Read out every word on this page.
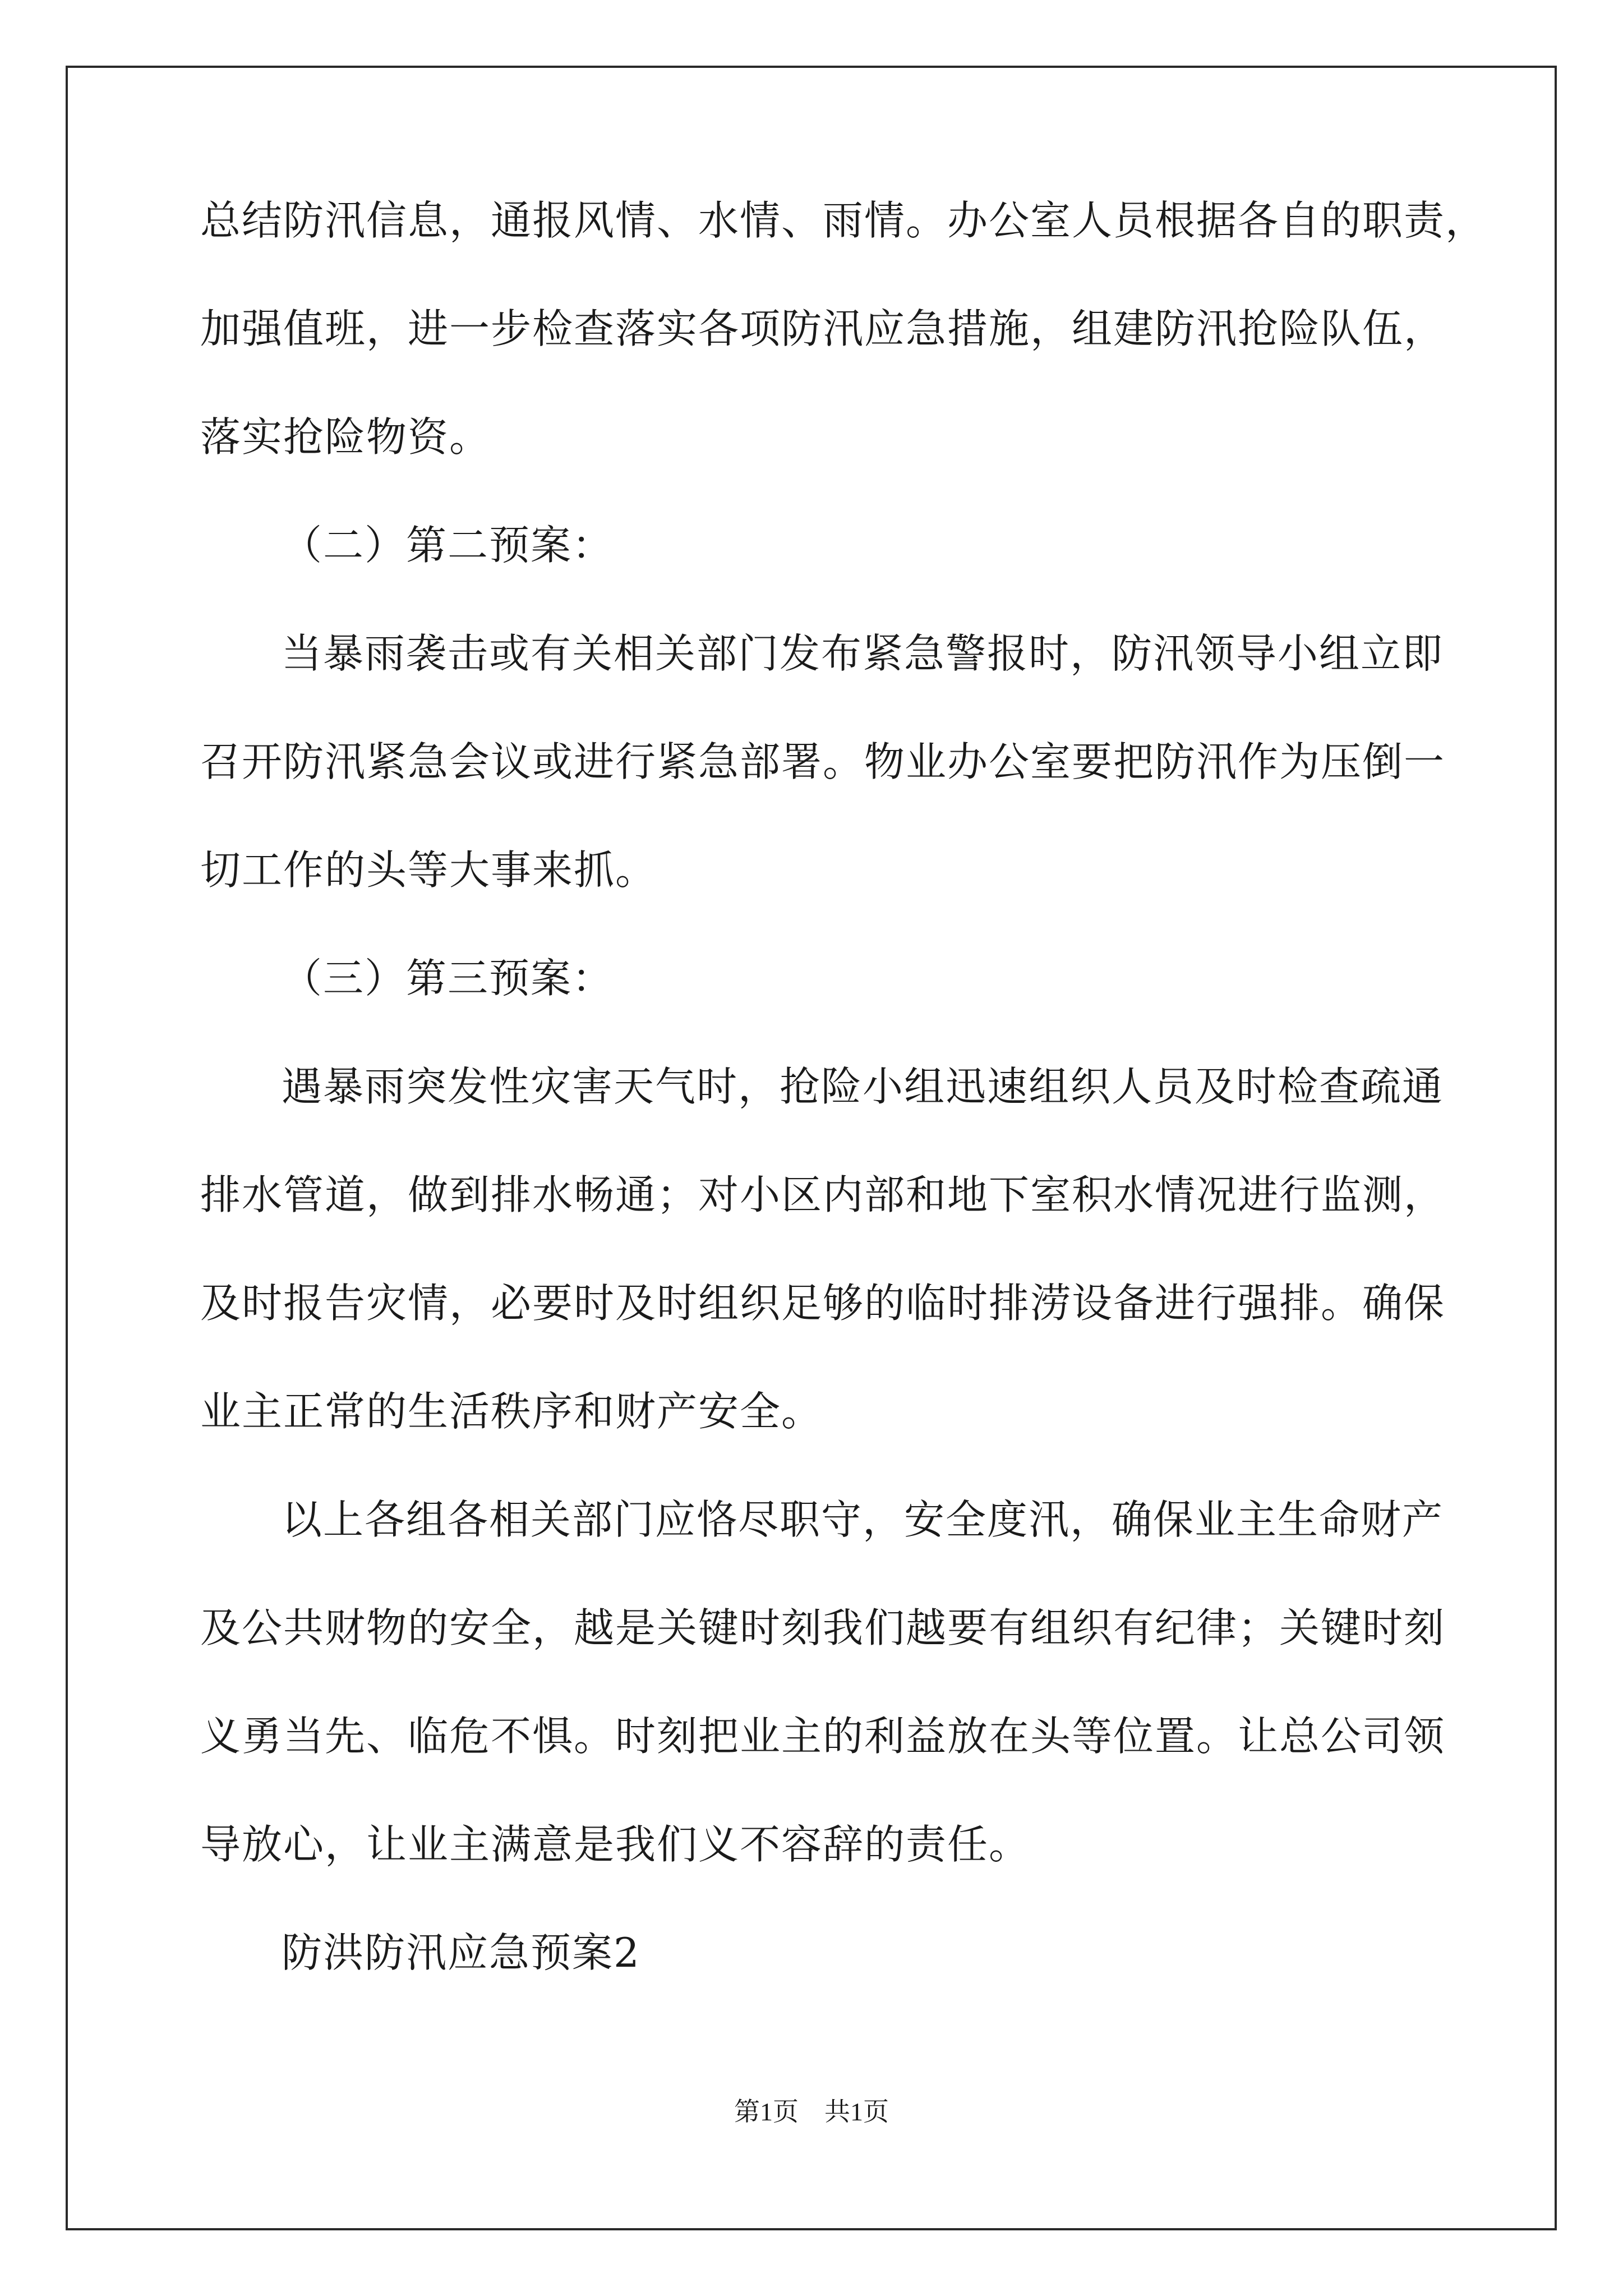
总结防汛信息，通报风情、水情、雨情。办公室人员根据各自的职责，

加强值班，进一步检查落实各项防汛应急措施，组建防汛抢险队伍，

落实抢险物资。

（二）第二预案：

当暴雨袭击或有关相关部门发布紧急警报时，防汛领导小组立即

召开防汛紧急会议或进行紧急部署。物业办公室要把防汛作为压倒一

切工作的头等大事来抓。

（三）第三预案：

遇暴雨突发性灾害天气时，抢险小组迅速组织人员及时检查疏通

排水管道，做到排水畅通；对小区内部和地下室积水情况进行监测，

及时报告灾情，必要时及时组织足够的临时排涝设备进行强排。确保

业主正常的生活秩序和财产安全。

以上各组各相关部门应恪尽职守，安全度汛，确保业主生命财产

及公共财物的安全，越是关键时刻我们越要有组织有纪律；关键时刻

义勇当先、临危不惧。时刻把业主的利益放在头等位置。让总公司领

导放心，让业主满意是我们义不容辞的责任。

防洪防汛应急预案2

第1页　共1页
